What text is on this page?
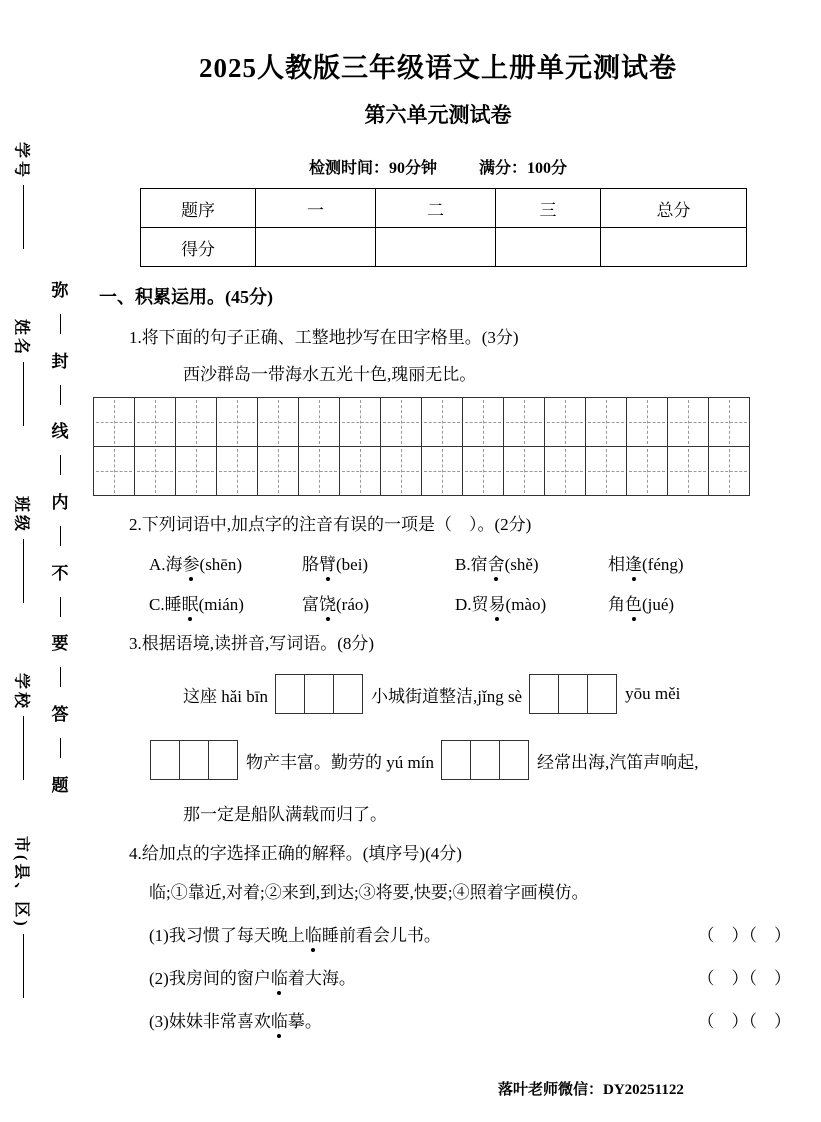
学号
姓名
班级
学校
市(县、区)
弥
封
线
内
不
要
答
题
2025人教版三年级语文上册单元测试卷
第六单元测试卷
检测时间：90分钟	满分：100分
题序	一	二	三	总分
得分				
一、积累运用。(45分)
1.将下面的句子正确、工整地抄写在田字格里。(3分)
西沙群岛一带海水五光十色,瑰丽无比。
2.下列词语中,加点字的注音有误的一项是（　）。(2分)
A.海参(shēn)	胳臂(bei)	B.宿舍(shě)	相逢(féng)
C.睡眠(mián)	富饶(ráo)	D.贸易(mào)	角色(jué)
3.根据语境,读拼音,写词语。(8分)
这座 hǎi bīn	小城街道整洁,jǐng sè	yōu měi
物产丰富。勤劳的 yú mín	经常出海,汽笛声响起,
那一定是船队满载而归了。
4.给加点的字选择正确的解释。(填序号)(4分)
临;①靠近,对着;②来到,到达;③将要,快要;④照着字画模仿。
(1)我习惯了每天晚上临睡前看会儿书。	（　）（　）
(2)我房间的窗户临着大海。	（　）（　）
(3)妹妹非常喜欢临摹。	（　）（　）
落叶老师微信：DY20251122
